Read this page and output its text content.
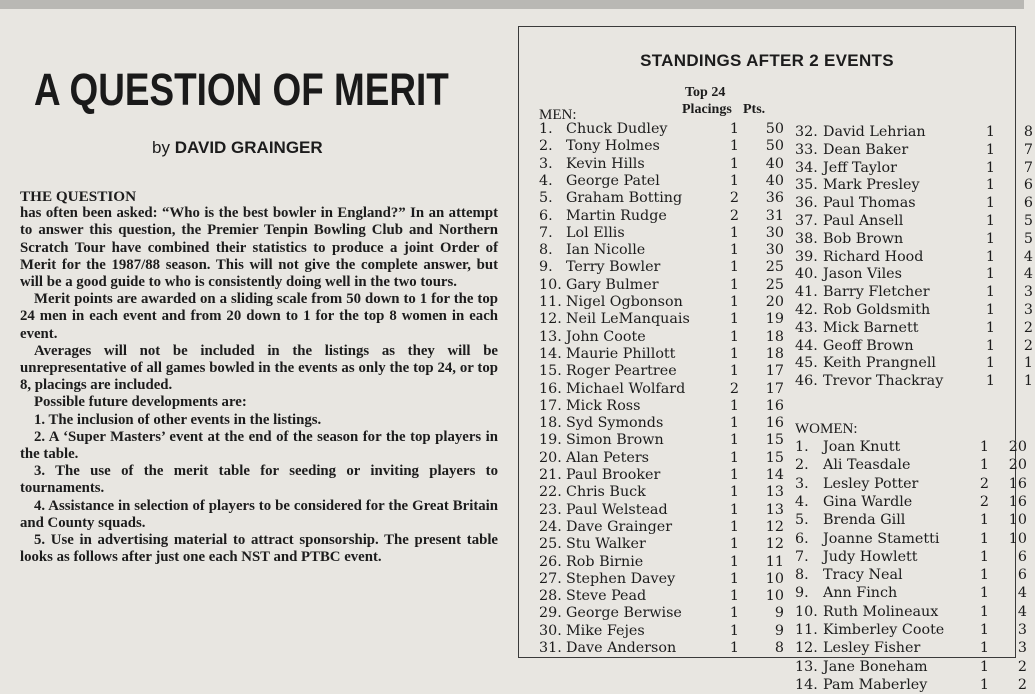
A QUESTION OF MERIT
by DAVID GRAINGER

THE QUESTION

has often been asked: “Who is the best bowler in England?” In an attempt to answer this question, the Premier Tenpin Bowling Club and Northern Scratch Tour have combined their statistics to produce a joint Order of Merit for the 1987/88 season. This will not give the complete answer, but will be a good guide to who is consistently doing well in the two tours.

Merit points are awarded on a sliding scale from 50 down to 1 for the top 24 men in each event and from 20 down to 1 for the top 8 women in each event.

Averages will not be included in the listings as they will be unrepresentative of all games bowled in the events as only the top 24, or top 8, placings are included.

Possible future developments are:

1. The inclusion of other events in the listings.

2. A ‘Super Masters’ event at the end of the season for the top players in the table.

3. The use of the merit table for seeding or inviting players to tournaments.

4. Assistance in selection of players to be considered for the Great Britain and County squads.

5. Use in advertising material to attract sponsorship. The present table looks as follows after just one each NST and PTBC event.

STANDINGS AFTER 2 EVENTS
Top 24
Placings Pts.
MEN:
WOMEN:
1. Chuck Dudley	1 50
2. Tony Holmes	1 50
3. Kevin Hills	1 40
4. George Patel	1 40
5. Graham Botting	2 36
6. Martin Rudge	2 31
7. Lol Ellis	1 30
8. Ian Nicolle	1 30
9. Terry Bowler	1 25
10. Gary Bulmer	1 25
11. Nigel Ogbonson	1 20
12. Neil LeManquais	1 19
13. John Coote	1 18
14. Maurie Phillott	1 18
15. Roger Peartree	1 17
16. Michael Wolfard	2 17
17. Mick Ross	1 16
18. Syd Symonds	1 16
19. Simon Brown	1 15
20. Alan Peters	1 15
21. Paul Brooker	1 14
22. Chris Buck	1 13
23. Paul Welstead	1 13
24. Dave Grainger	1 12
25. Stu Walker	1 12
26. Rob Birnie	1 11
27. Stephen Davey	1 10
28. Steve Pead	1 10
29. George Berwise	1	9
30. Mike Fejes	1	9
31. Dave Anderson	1	8
32. David Lehrian	1	8
33. Dean Baker	1	7
34. Jeff Taylor	1	7
35. Mark Presley	1	6
36. Paul Thomas	1	6
37. Paul Ansell	1	5
38. Bob Brown	1	5
39. Richard Hood	1	4
40. Jason Viles	1	4
41. Barry Fletcher	1	3
42. Rob Goldsmith	1	3
43. Mick Barnett	1	2
44. Geoff Brown	1	2
45. Keith Prangnell	1	1
46. Trevor Thackray	1	1
1. Joan Knutt	1 20
2. Ali Teasdale	1 20
3. Lesley Potter	2 16
4. Gina Wardle	2 16
5. Brenda Gill	1 10
6. Joanne Stametti	1 10
7. Judy Howlett	1	6
8. Tracy Neal	1	6
9. Ann Finch	1	4
10. Ruth Molineaux	1	4
11. Kimberley Coote 1	3
12. Lesley Fisher	1	3
13. Jane Boneham	1	2
14. Pam Maberley	1	2
